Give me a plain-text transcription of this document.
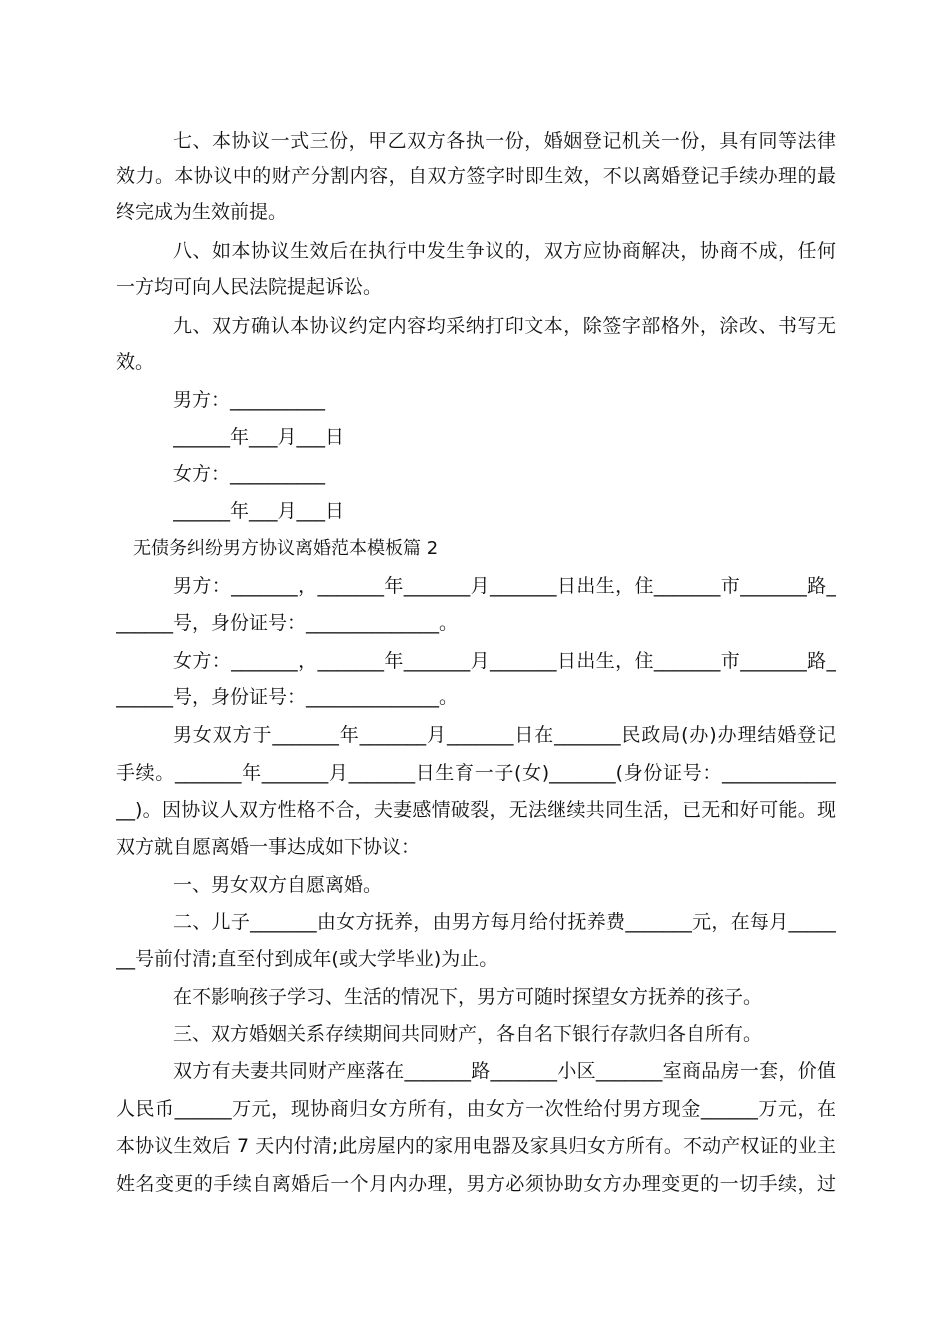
七、本协议一式三份，甲乙双方各执一份，婚姻登记机关一份，具有同等法律
效力。本协议中的财产分割内容，自双方签字时即生效，不以离婚登记手续办理的最
终完成为生效前提。
八、如本协议生效后在执行中发生争议的，双方应协商解决，协商不成，任何
一方均可向人民法院提起诉讼。
九、双方确认本协议约定内容均采纳打印文本，除签字部格外，涂改、书写无
效。
男方：__________
______年___月___日
女方：__________
______年___月___日
无债务纠纷男方协议离婚范本模板篇 2
男方：_______，_______年_______月_______日出生，住_______市_______路_
______号，身份证号：______________。
女方：_______，_______年_______月_______日出生，住_______市_______路_
______号，身份证号：______________。
男女双方于_______年_______月_______日在_______民政局(办)办理结婚登记
手续。_______年_______月_______日生育一子(女)_______(身份证号：____________
__)。因协议人双方性格不合，夫妻感情破裂，无法继续共同生活，已无和好可能。现
双方就自愿离婚一事达成如下协议：
一、男女双方自愿离婚。
二、儿子_______由女方抚养，由男方每月给付抚养费_______元，在每月_____
__号前付清;直至付到成年(或大学毕业)为止。
在不影响孩子学习、生活的情况下，男方可随时探望女方抚养的孩子。
三、双方婚姻关系存续期间共同财产，各自名下银行存款归各自所有。
双方有夫妻共同财产座落在_______路_______小区_______室商品房一套，价值
人民币______万元，现协商归女方所有，由女方一次性给付男方现金______万元，在
本协议生效后 7 天内付清;此房屋内的家用电器及家具归女方所有。不动产权证的业主
姓名变更的手续自离婚后一个月内办理，男方必须协助女方办理变更的一切手续，过
